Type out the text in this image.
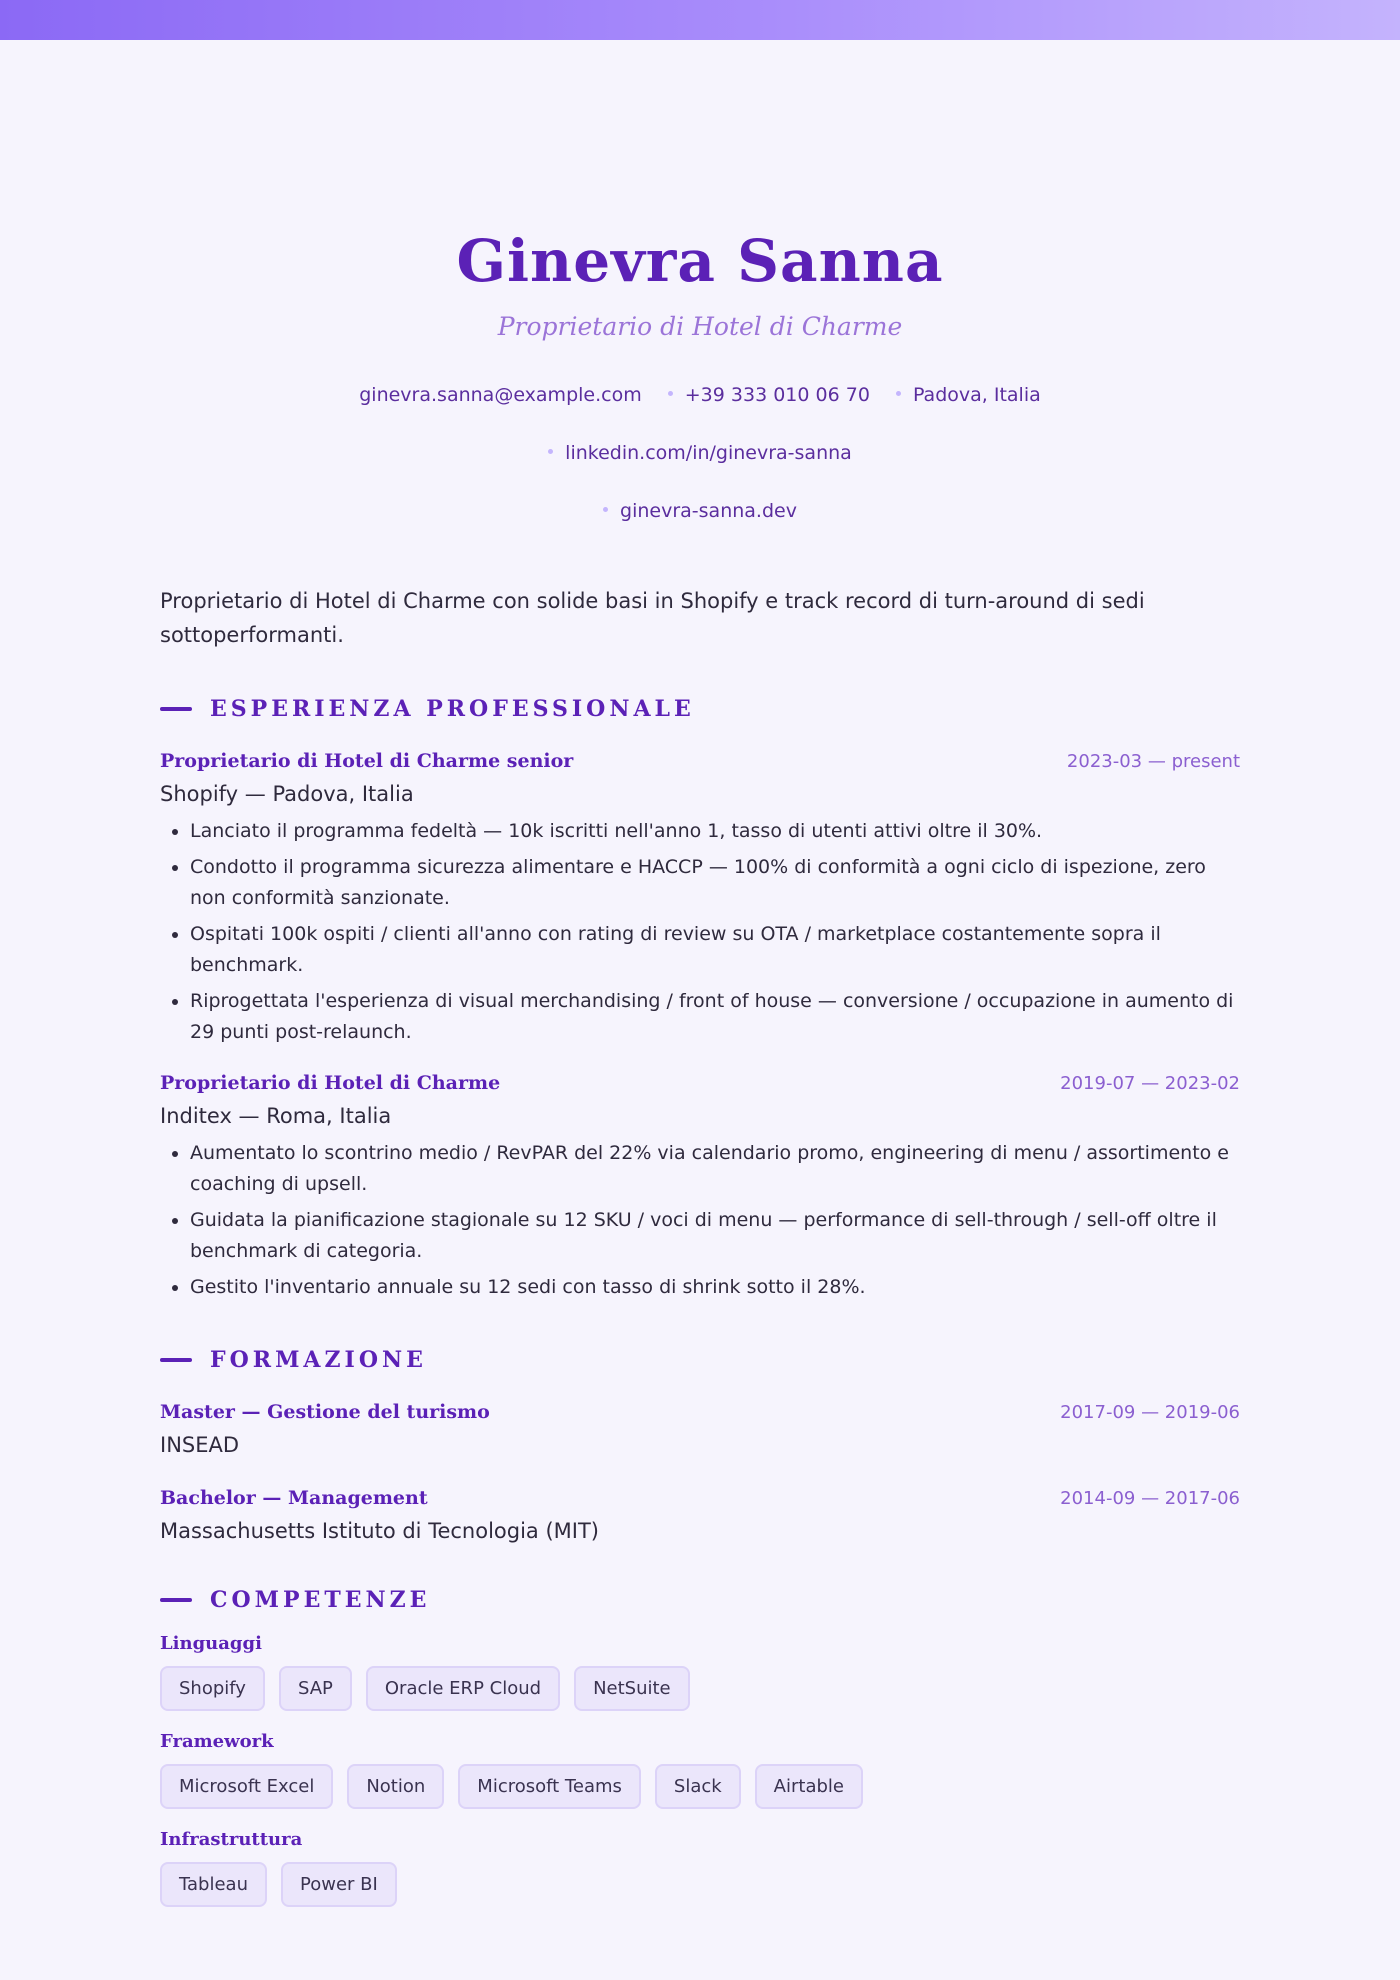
Ginevra Sanna
Proprietario di Hotel di Charme
ginevra.sanna@example.com +39 333 010 06 70 Padova, Italia linkedin.com/in/ginevra-sanna
ginevra-sanna.dev

Proprietario di Hotel di Charme con solide basi in Shopify e track record di turn-around di sedi sottoperformanti.

ESPERIENZA PROFESSIONALE
Proprietario di Hotel di Charme senior	2023-03 — present
Shopify — Padova, Italia
• Lanciato il programma fedeltà — 10k iscritti nell'anno 1, tasso di utenti attivi oltre il 30%.
• Condotto il programma sicurezza alimentare e HACCP — 100% di conformità a ogni ciclo di ispezione, zero non conformità sanzionate.
• Ospitati 100k ospiti / clienti all'anno con rating di review su OTA / marketplace costantemente sopra il benchmark.
• Riprogettata l'esperienza di visual merchandising / front of house — conversione / occupazione in aumento di 29 punti post-relaunch.
Proprietario di Hotel di Charme	2019-07 — 2023-02
Inditex — Roma, Italia
• Aumentato lo scontrino medio / RevPAR del 22% via calendario promo, engineering di menu / assortimento e coaching di upsell.
• Guidata la pianificazione stagionale su 12 SKU / voci di menu — performance di sell-through / sell-off oltre il benchmark di categoria.
• Gestito l'inventario annuale su 12 sedi con tasso di shrink sotto il 28%.
FORMAZIONE
Master — Gestione del turismo	2017-09 — 2019-06
INSEAD
Bachelor — Management	2014-09 — 2017-06
Massachusetts Istituto di Tecnologia (MIT)
COMPETENZE
Linguaggi
Shopify	SAP	Oracle ERP Cloud	NetSuite
Framework
Microsoft Excel	Notion	Microsoft Teams	Slack	Airtable
Infrastruttura
Tableau	Power BI
